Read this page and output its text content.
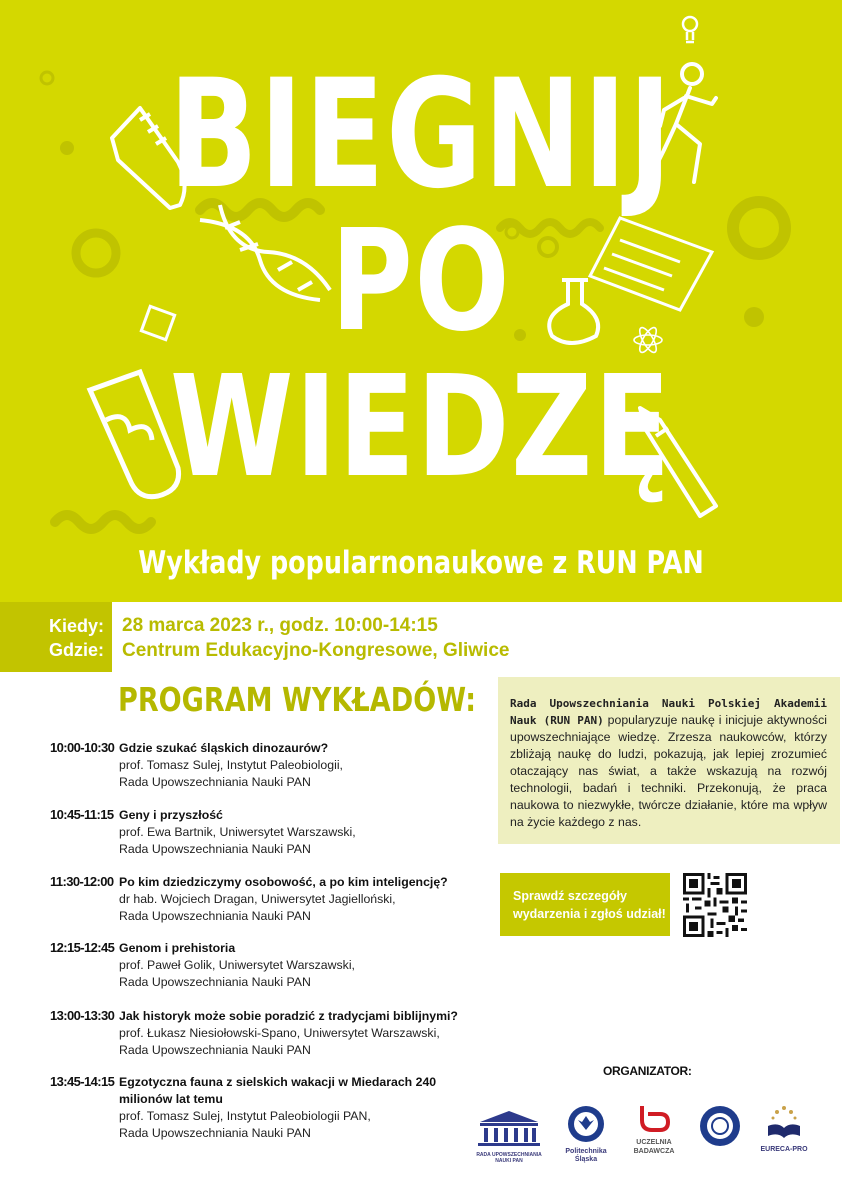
BIEGNIJ
PO
WIEDZĘ
Wykłady popularnonaukowe z RUN PAN
Kiedy:
Gdzie:
28 marca 2023 r., godz. 10:00-14:15
Centrum Edukacyjno-Kongresowe, Gliwice
PROGRAM WYKŁADÓW:
10:00-10:30 Gdzie szukać śląskich dinozaurów?
prof. Tomasz Sulej, Instytut Paleobiologii,
Rada Upowszechniania Nauki PAN
10:45-11:15 Geny i przyszłość
prof. Ewa Bartnik, Uniwersytet Warszawski,
Rada Upowszechniania Nauki PAN
11:30-12:00 Po kim dziedziczymy osobowość, a po kim inteligencję?
dr hab. Wojciech Dragan, Uniwersytet Jagielloński,
Rada Upowszechniania Nauki PAN
12:15-12:45 Genom i prehistoria
prof. Paweł Golik, Uniwersytet Warszawski,
Rada Upowszechniania Nauki PAN
13:00-13:30 Jak historyk może sobie poradzić z tradycjami biblijnymi?
prof. Łukasz Niesiołowski-Spano, Uniwersytet Warszawski,
Rada Upowszechniania Nauki PAN
13:45-14:15 Egzotyczna fauna z sielskich wakacji w Miedarach 240 milionów lat temu
prof. Tomasz Sulej, Instytut Paleobiologii PAN,
Rada Upowszechniania Nauki PAN
Rada Upowszechniania Nauki Polskiej Akademii Nauk (RUN PAN) popularyzuje naukę i inicjuje aktywności upowszechniające wiedzę. Zrzesza naukowców, którzy zbliżają naukę do ludzi, pokazują, jak lepiej zrozumieć otaczający nas świat, a także wskazują na rozwój technologii, badań i techniki. Przekonują, że praca naukowa to niezwykłe, twórcze działanie, które ma wpływ na życie każdego z nas.
Sprawdź szczegóły
wydarzenia i zgłoś udział!
ORGANIZATOR:
RADA UPOWSZECHNIANIA NAUKI PAN
Politechnika
Śląska
UCZELNIA
BADAWCZA	EURECA-PRO
